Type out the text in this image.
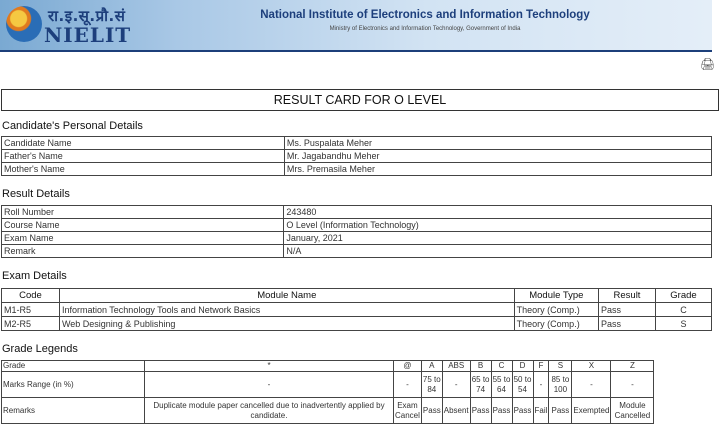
रा.इ.सू.प्रौ.सं
NIELIT
National Institute of Electronics and Information Technology
Ministry of Electronics and Information Technology, Government of India
🖨
RESULT CARD FOR O LEVEL
Candidate's Personal Details
Candidate Name	Ms. Puspalata Meher
Father's Name	Mr. Jagabandhu Meher
Mother's Name	Mrs. Premasila Meher
Result Details
Roll Number	243480
Course Name	O Level (Information Technology)
Exam Name	January, 2021
Remark	N/A
Exam Details
Code	Module Name	Module Type	Result	Grade
M1-R5	Information Technology Tools and Network Basics	Theory (Comp.)	Pass	C
M2-R5	Web Designing & Publishing	Theory (Comp.)	Pass	S
Grade Legends
Grade	*	@	A	ABS	B	C	D	F	S	X	Z
Marks Range (in %)	-	-	75 to 84	-	65 to 74	55 to 64	50 to 54	-	85 to 100	-	-
Remarks	Duplicate module paper cancelled due to inadvertently applied by candidate.	Exam Cancel	Pass	Absent	Pass	Pass	Pass	Fail	Pass	Exempted	Module Cancelled
